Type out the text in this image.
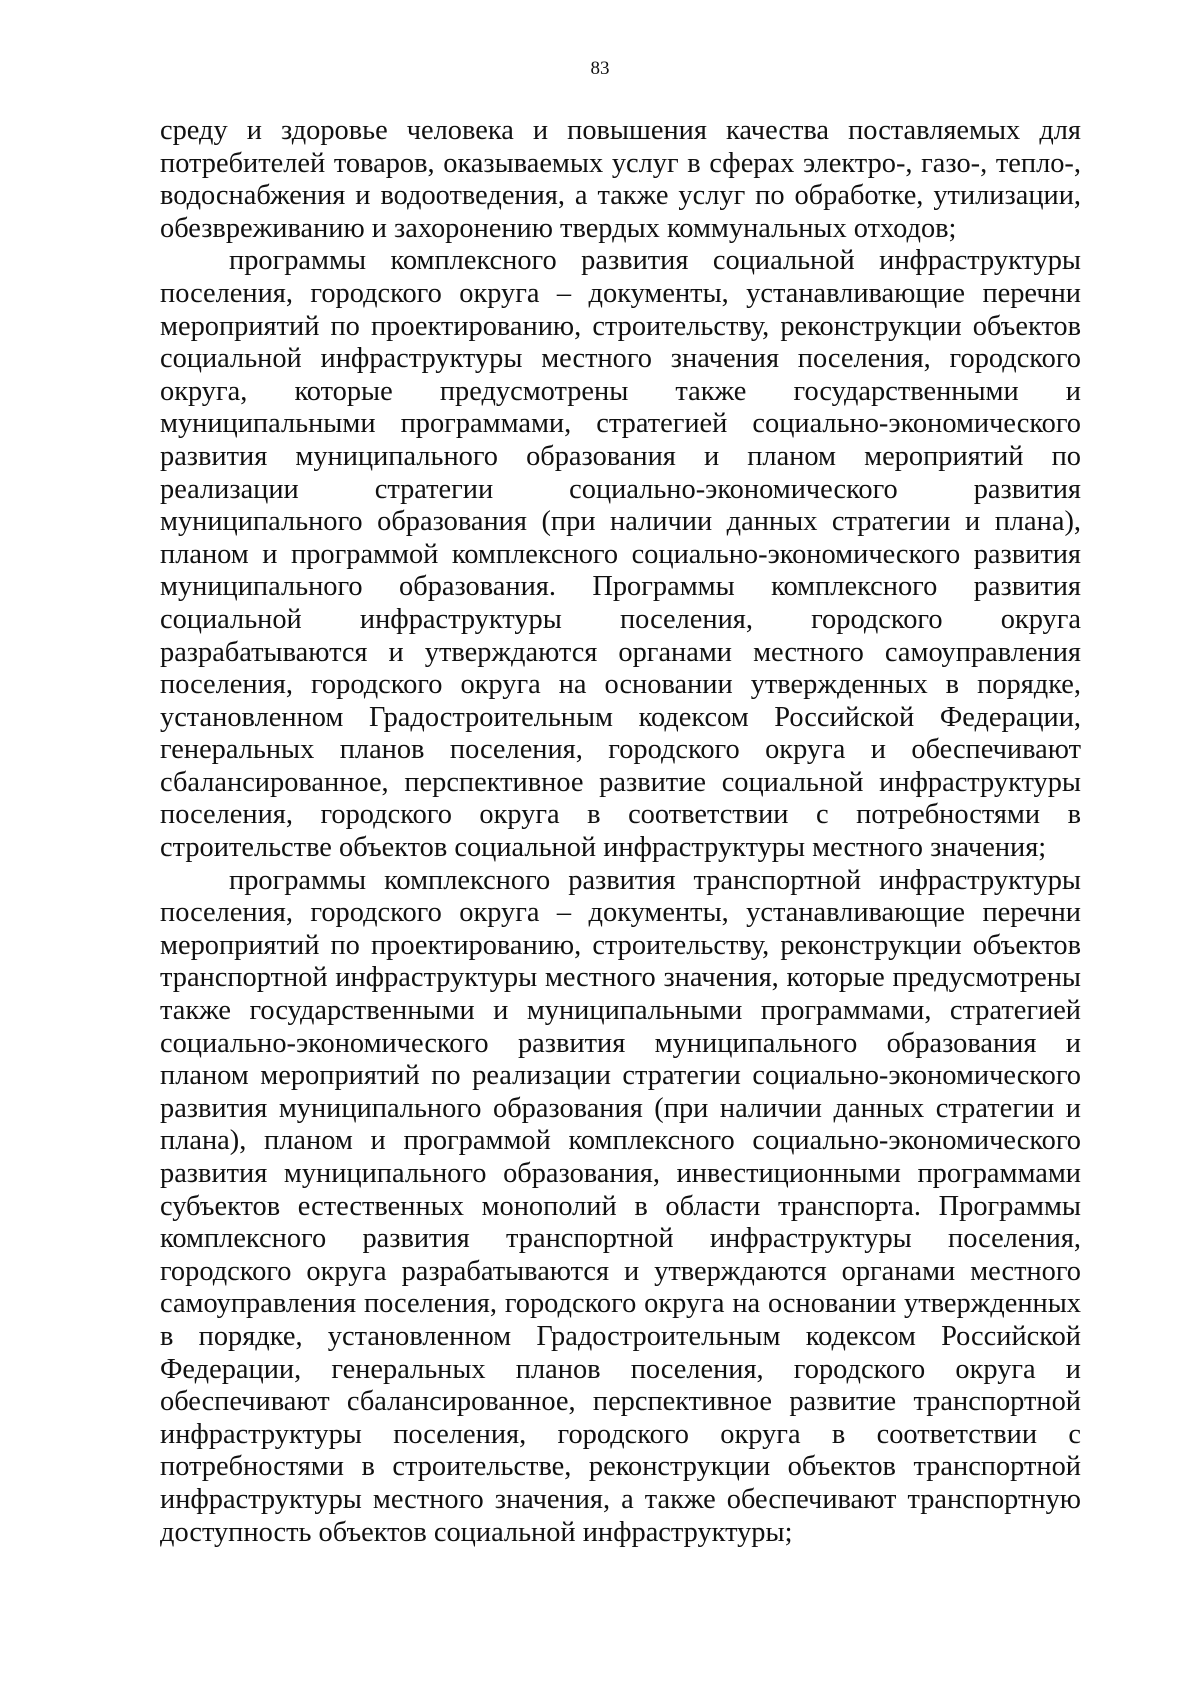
83

среду и здоровье человека и повышения качества поставляемых для потребителей товаров, оказываемых услуг в сферах электро-, газо-, тепло-, водоснабжения и водоотведения, а также услуг по обработке, утилизации, обезвреживанию и захоронению твердых коммунальных отходов;

программы комплексного развития социальной инфраструктуры поселения, городского округа – документы, устанавливающие перечни мероприятий по проектированию, строительству, реконструкции объектов социальной инфраструктуры местного значения поселения, городского округа, которые предусмотрены также государственными и муниципальными программами, стратегией социально-экономического развития муниципального образования и планом мероприятий по реализации стратегии социально-экономического развития муниципального образования (при наличии данных стратегии и плана), планом и программой комплексного социально-экономического развития муниципального образования. Программы комплексного развития социальной инфраструктуры поселения, городского округа разрабатываются и утверждаются органами местного самоуправления поселения, городского округа на основании утвержденных в порядке, установленном Градостроительным кодексом Российской Федерации, генеральных планов поселения, городского округа и обеспечивают сбалансированное, перспективное развитие социальной инфраструктуры поселения, городского округа в соответствии с потребностями в строительстве объектов социальной инфраструктуры местного значения;

программы комплексного развития транспортной инфраструктуры поселения, городского округа – документы, устанавливающие перечни мероприятий по проектированию, строительству, реконструкции объектов транспортной инфраструктуры местного значения, которые предусмотрены также государственными и муниципальными программами, стратегией социально-экономического развития муниципального образования и планом мероприятий по реализации стратегии социально-экономического развития муниципального образования (при наличии данных стратегии и плана), планом и программой комплексного социально-экономического развития муниципального образования, инвестиционными программами субъектов естественных монополий в области транспорта. Программы комплексного развития транспортной инфраструктуры поселения, городского округа разрабатываются и утверждаются органами местного самоуправления поселения, городского округа на основании утвержденных в порядке, установленном Градостроительным кодексом Российской Федерации, генеральных планов поселения, городского округа и обеспечивают сбалансированное, перспективное развитие транспортной инфраструктуры поселения, городского округа в соответствии с потребностями в строительстве, реконструкции объектов транспортной инфраструктуры местного значения, а также обеспечивают транспортную доступность объектов социальной инфраструктуры;
